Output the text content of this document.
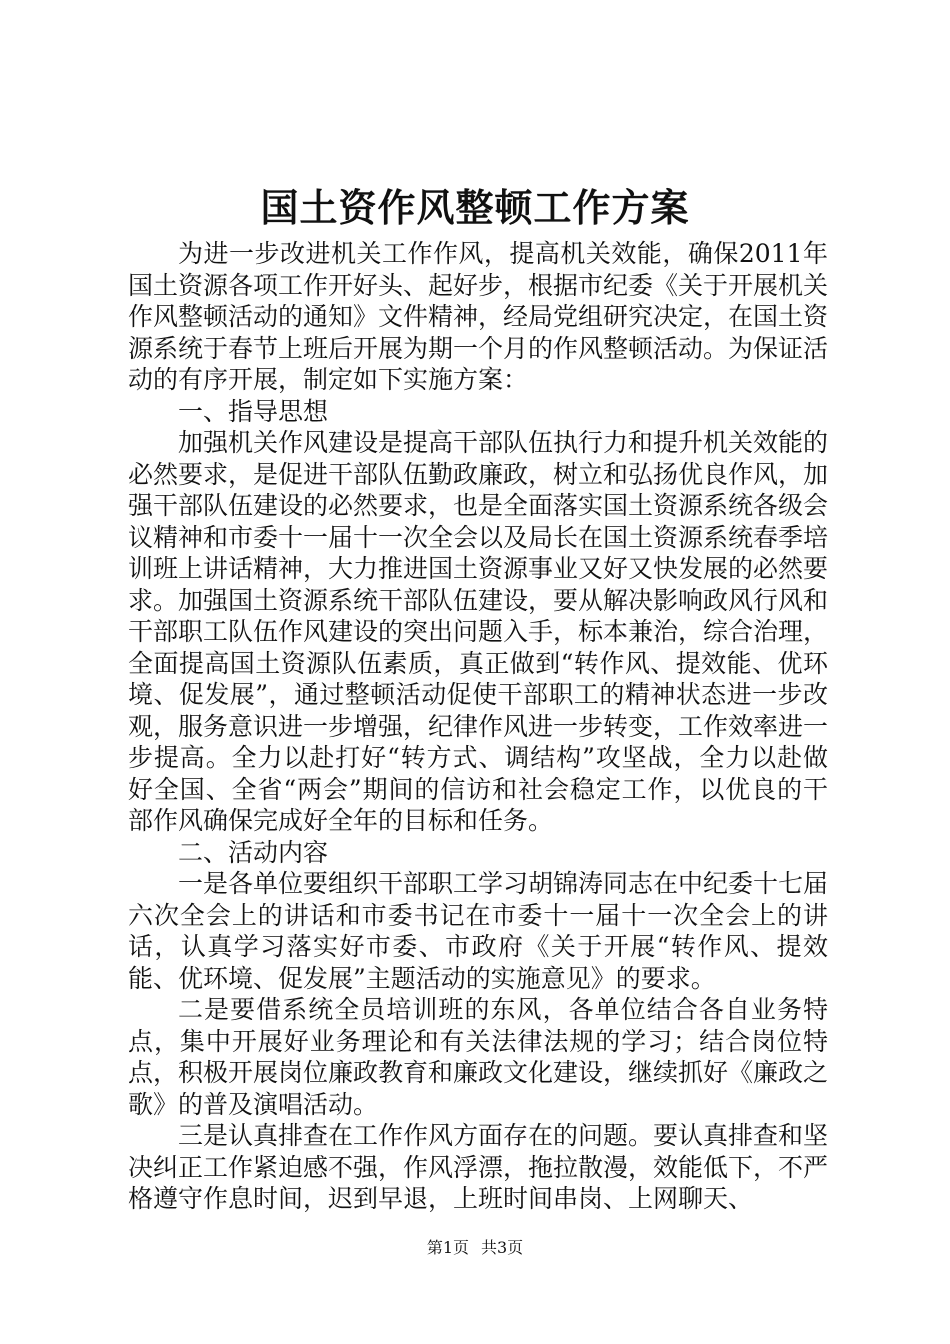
国土资作风整顿工作方案

为进一步改进机关工作作风，提高机关效能，确保2011年国土资源各项工作开好头、起好步，根据市纪委《关于开展机关作风整顿活动的通知》文件精神，经局党组研究决定，在国土资源系统于春节上班后开展为期一个月的作风整顿活动。为保证活动的有序开展，制定如下实施方案：

一、指导思想

加强机关作风建设是提高干部队伍执行力和提升机关效能的必然要求，是促进干部队伍勤政廉政，树立和弘扬优良作风，加强干部队伍建设的必然要求，也是全面落实国土资源系统各级会议精神和市委十一届十一次全会以及局长在国土资源系统春季培训班上讲话精神，大力推进国土资源事业又好又快发展的必然要求。加强国土资源系统干部队伍建设，要从解决影响政风行风和干部职工队伍作风建设的突出问题入手，标本兼治，综合治理，全面提高国土资源队伍素质，真正做到“转作风、提效能、优环境、促发展”，通过整顿活动促使干部职工的精神状态进一步改观，服务意识进一步增强，纪律作风进一步转变，工作效率进一步提高。全力以赴打好“转方式、调结构”攻坚战，全力以赴做好全国、全省“两会”期间的信访和社会稳定工作，以优良的干部作风确保完成好全年的目标和任务。

二、活动内容

一是各单位要组织干部职工学习胡锦涛同志在中纪委十七届六次全会上的讲话和市委书记在市委十一届十一次全会上的讲话，认真学习落实好市委、市政府《关于开展“转作风、提效能、优环境、促发展”主题活动的实施意见》的要求。

二是要借系统全员培训班的东风，各单位结合各自业务特点，集中开展好业务理论和有关法律法规的学习；结合岗位特点，积极开展岗位廉政教育和廉政文化建设，继续抓好《廉政之歌》的普及演唱活动。

三是认真排查在工作作风方面存在的问题。要认真排查和坚决纠正工作紧迫感不强，作风浮漂，拖拉散漫，效能低下，不严格遵守作息时间，迟到早退，上班时间串岗、上网聊天、

第1页 共3页
